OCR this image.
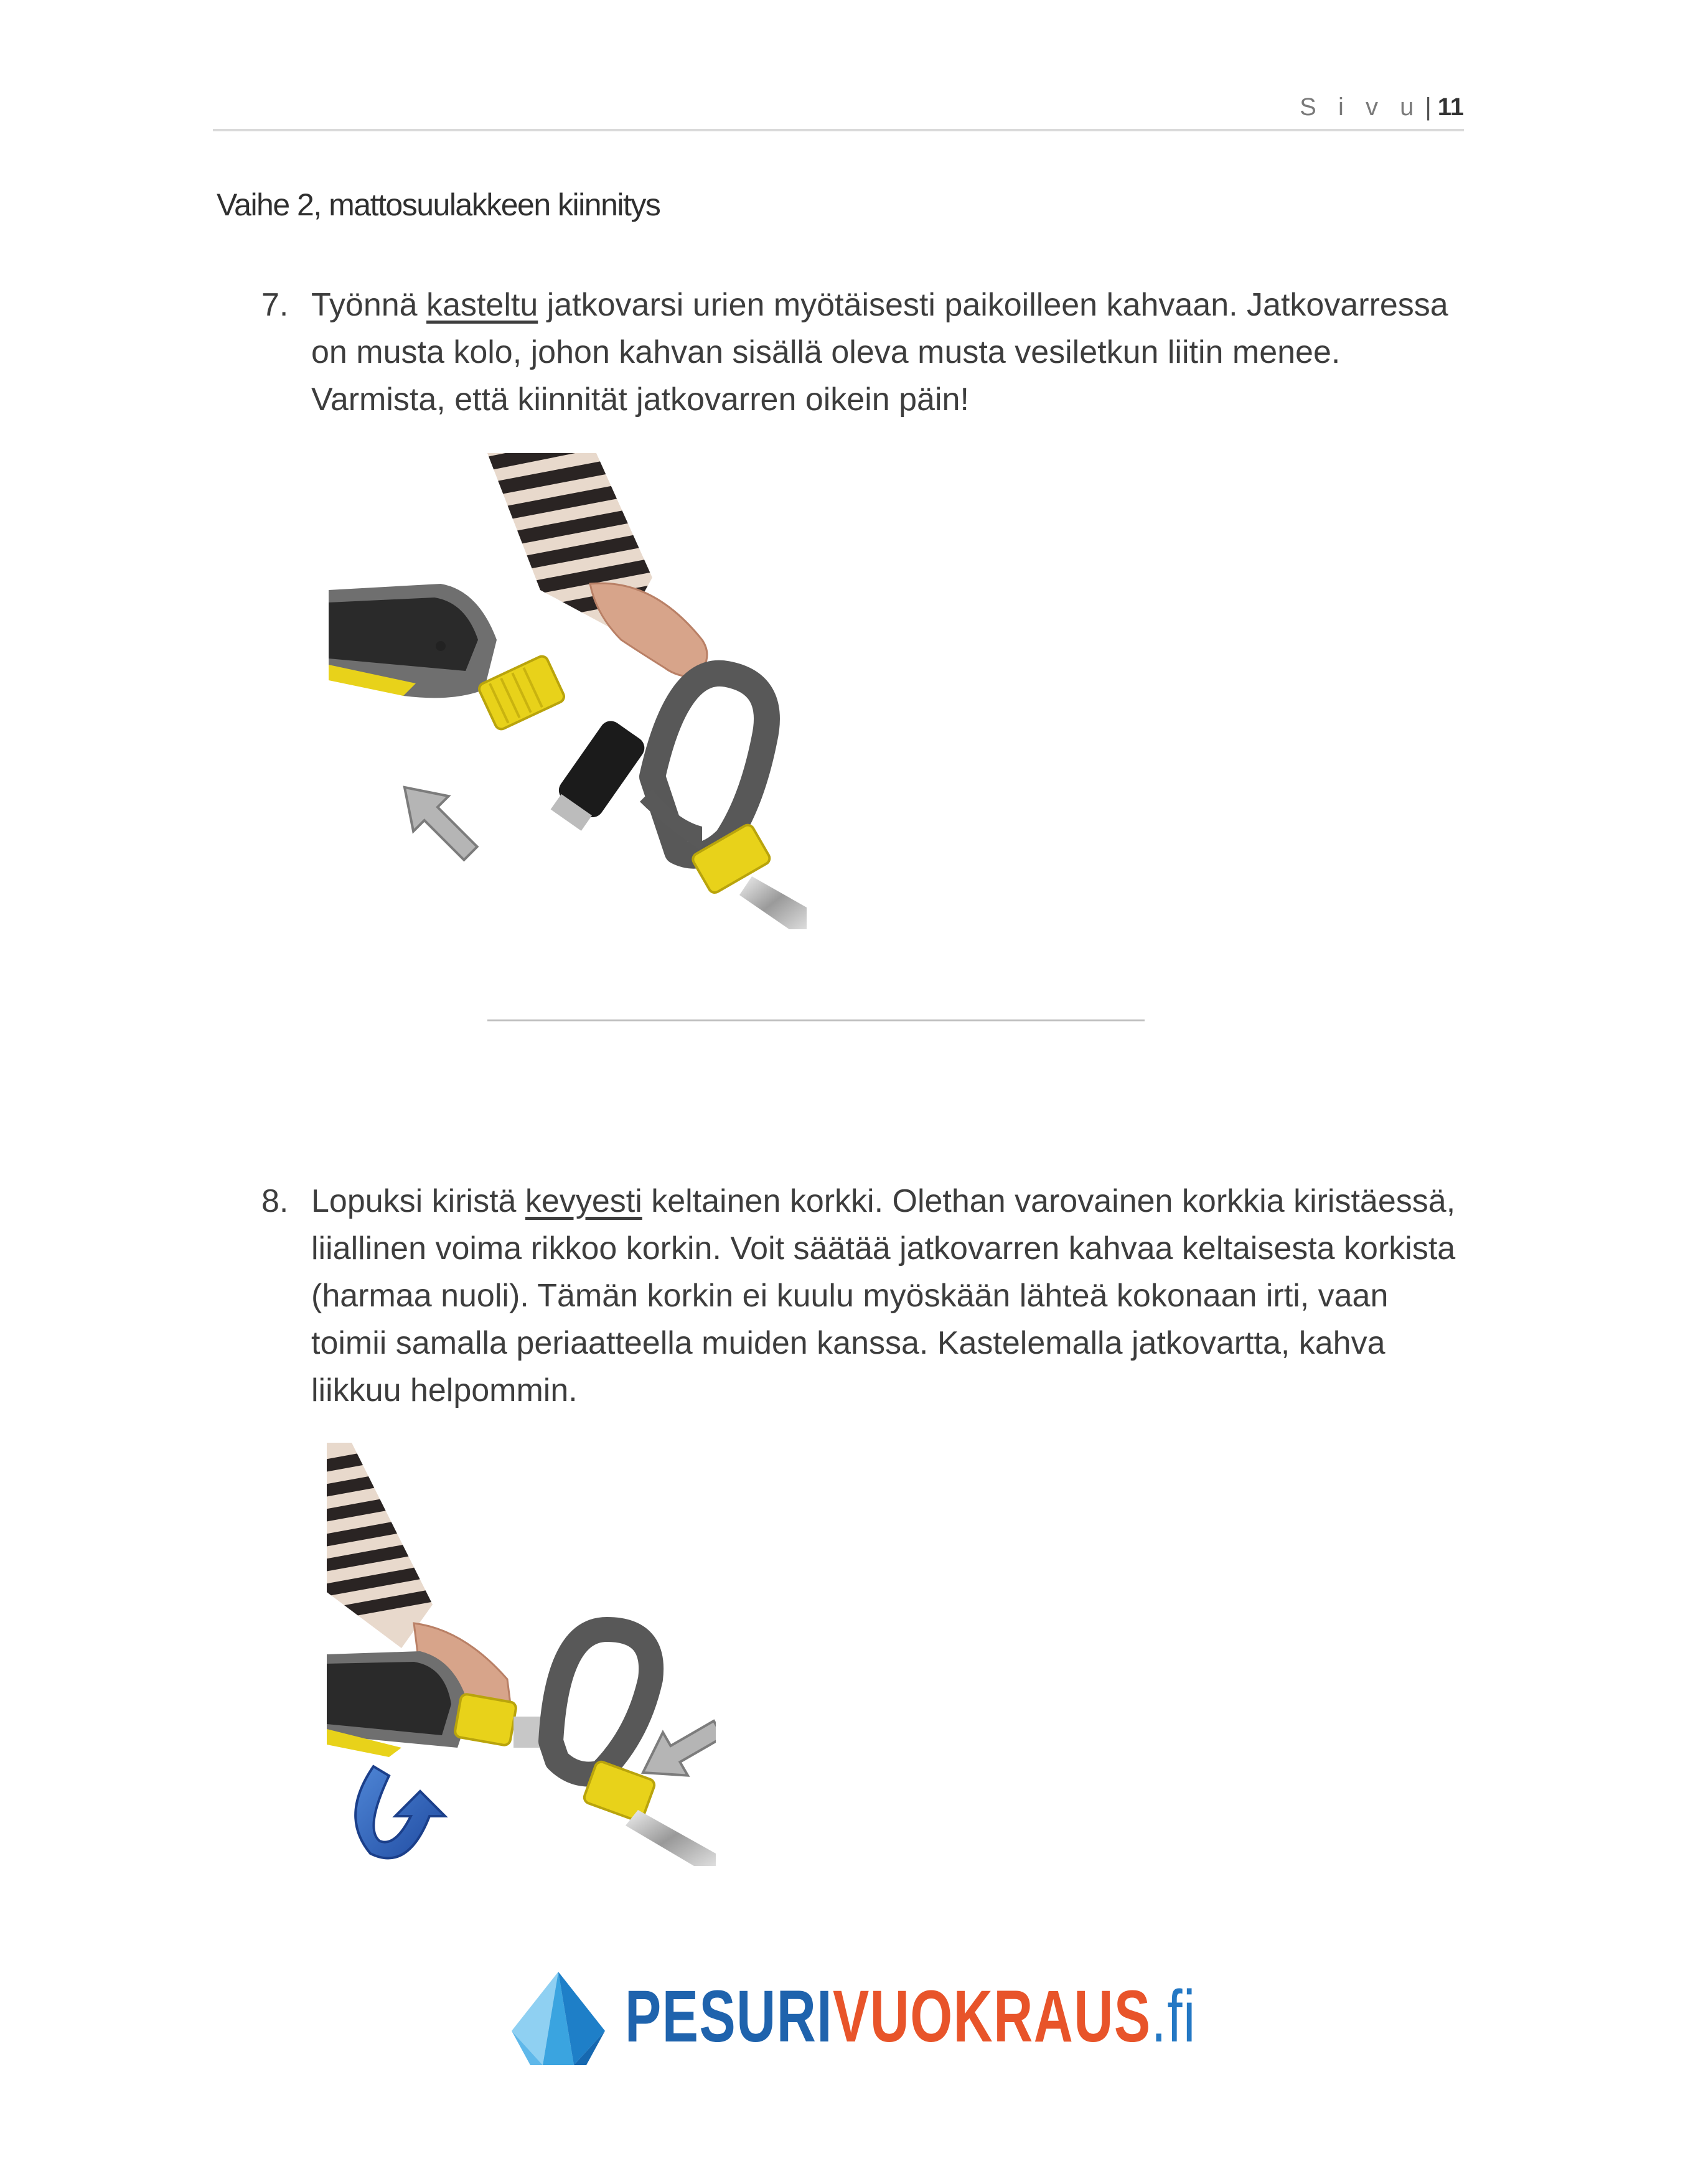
S i v u | 11
Vaihe 2, mattosuulakkeen kiinnitys
7. Työnnä kasteltu jatkovarsi urien myötäisesti paikoilleen kahvaan. Jatkovarressa on musta kolo, johon kahvan sisällä oleva musta vesiletkun liitin menee. Varmista, että kiinnität jatkovarren oikein päin!
8. Lopuksi kiristä kevyesti keltainen korkki. Olethan varovainen korkkia kiristäessä, liiallinen voima rikkoo korkin. Voit säätää jatkovarren kahvaa keltaisesta korkista (harmaa nuoli). Tämän korkin ei kuulu myöskään lähteä kokonaan irti, vaan toimii samalla periaatteella muiden kanssa. Kastelemalla jatkovartta, kahva liikkuu helpommin.
PESURIVUOKRAUS.fi
